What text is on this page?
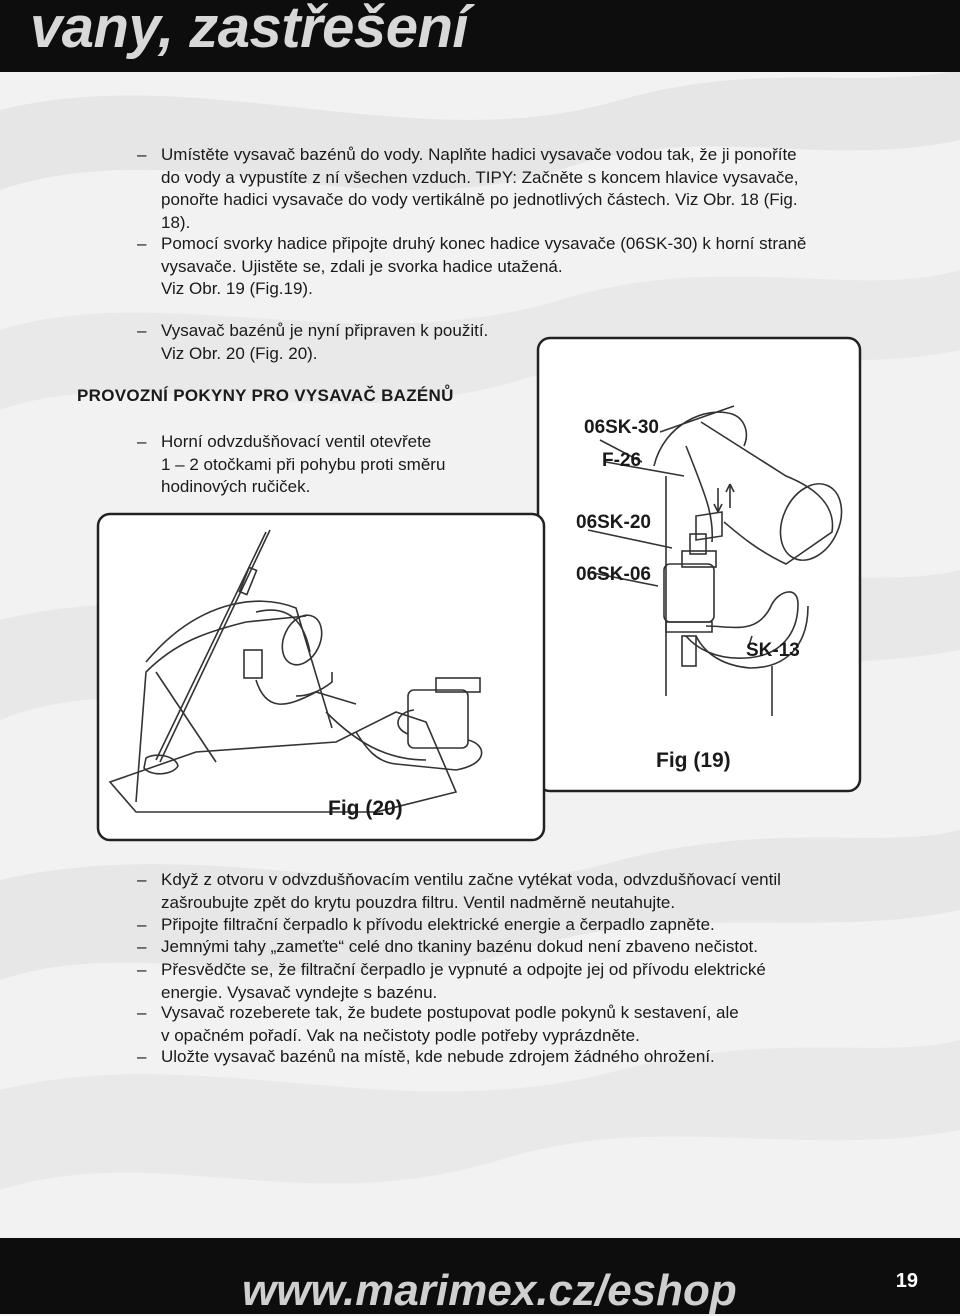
vany, zastřešení
– Umístěte vysavač bazénů do vody. Naplňte hadici vysavače vodou tak, že ji ponoříte
do vody a vypustíte z ní všechen vzduch. TIPY: Začněte s koncem hlavice vysavače,
ponořte hadici vysavače do vody vertikálně po jednotlivých částech. Viz Obr. 18 (Fig.
18).
– Pomocí svorky hadice připojte druhý konec hadice vysavače (06SK-30) k horní straně
vysavače. Ujistěte se, zdali je svorka hadice utažená.
Viz Obr. 19 (Fig.19).
– Vysavač bazénů je nyní připraven k použití.
Viz Obr. 20 (Fig. 20).
PROVOZNÍ POKYNY PRO VYSAVAČ BAZÉNŮ
– Horní odvzdušňovací ventil otevřete
1 – 2 otočkami při pohybu proti směru
hodinových ručiček.
06SK-30
F-26
06SK-20
06SK-06
SK-13
Fig (19)
Fig (20)
– Když z otvoru v odvzdušňovacím ventilu začne vytékat voda, odvzdušňovací ventil
zašroubujte zpět do krytu pouzdra filtru. Ventil nadměrně neutahujte.
– Připojte filtrační čerpadlo k přívodu elektrické energie a čerpadlo zapněte.
– Jemnými tahy „zameťte“ celé dno tkaniny bazénu dokud není zbaveno nečistot.
– Přesvědčte se, že filtrační čerpadlo je vypnuté a odpojte jej od přívodu elektrické
energie. Vysavač vyndejte s bazénu.
– Vysavač rozeberete tak, že budete postupovat podle pokynů k sestavení, ale
v opačném pořadí. Vak na nečistoty podle potřeby vyprázdněte.
– Uložte vysavač bazénů na místě, kde nebude zdrojem žádného ohrožení.
www.marimex.cz/eshop	19
